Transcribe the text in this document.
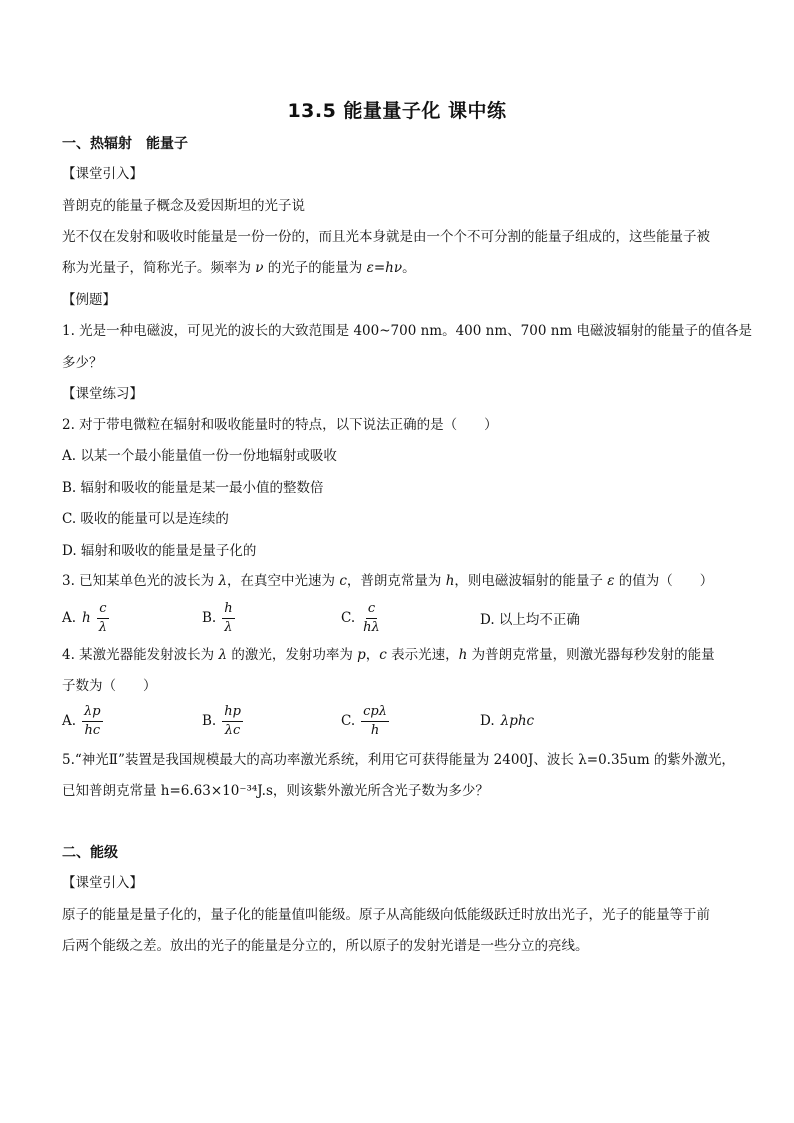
13.5 能量量子化 课中练
一、热辐射　能量子
【课堂引入】
普朗克的能量子概念及爱因斯坦的光子说
光不仅在发射和吸收时能量是一份一份的，而且光本身就是由一个个不可分割的能量子组成的，这些能量子被
称为光量子，简称光子。频率为 ν 的光子的能量为 ε=hν。
【例题】
1. 光是一种电磁波，可见光的波长的大致范围是 400~700 nm。400 nm、700 nm 电磁波辐射的能量子的值各是
多少？
【课堂练习】
2. 对于带电微粒在辐射和吸收能量时的特点，以下说法正确的是（　　）
A. 以某一个最小能量值一份一份地辐射或吸收
B. 辐射和吸收的能量是某一最小值的整数倍
C. 吸收的能量可以是连续的
D. 辐射和吸收的能量是量子化的
3. 已知某单色光的波长为 λ，在真空中光速为 c，普朗克常量为 h，则电磁波辐射的能量子 ε 的值为（　　）
A. h $\frac{c}{\lambda}$	B. $\frac{h}{\lambda}$	C. $\frac{c}{h\lambda}$	D. 以上均不正确
4. 某激光器能发射波长为 λ 的激光，发射功率为 p，c 表示光速，h 为普朗克常量，则激光器每秒发射的能量
子数为（　　）
A. $\frac{\lambda p}{hc}$	B. $\frac{hp}{\lambda c}$	C. $\frac{\text{cpλ}}{h}$	D. λphc
5.“神光Ⅱ”装置是我国规模最大的高功率激光系统，利用它可获得能量为 2400J、波长 λ=0.35um 的紫外激光，
已知普朗克常量 h=6.63×10⁻³⁴J.s，则该紫外激光所含光子数为多少？
二、能级
【课堂引入】
原子的能量是量子化的，量子化的能量值叫能级。原子从高能级向低能级跃迁时放出光子，光子的能量等于前
后两个能级之差。放出的光子的能量是分立的，所以原子的发射光谱是一些分立的亮线。
